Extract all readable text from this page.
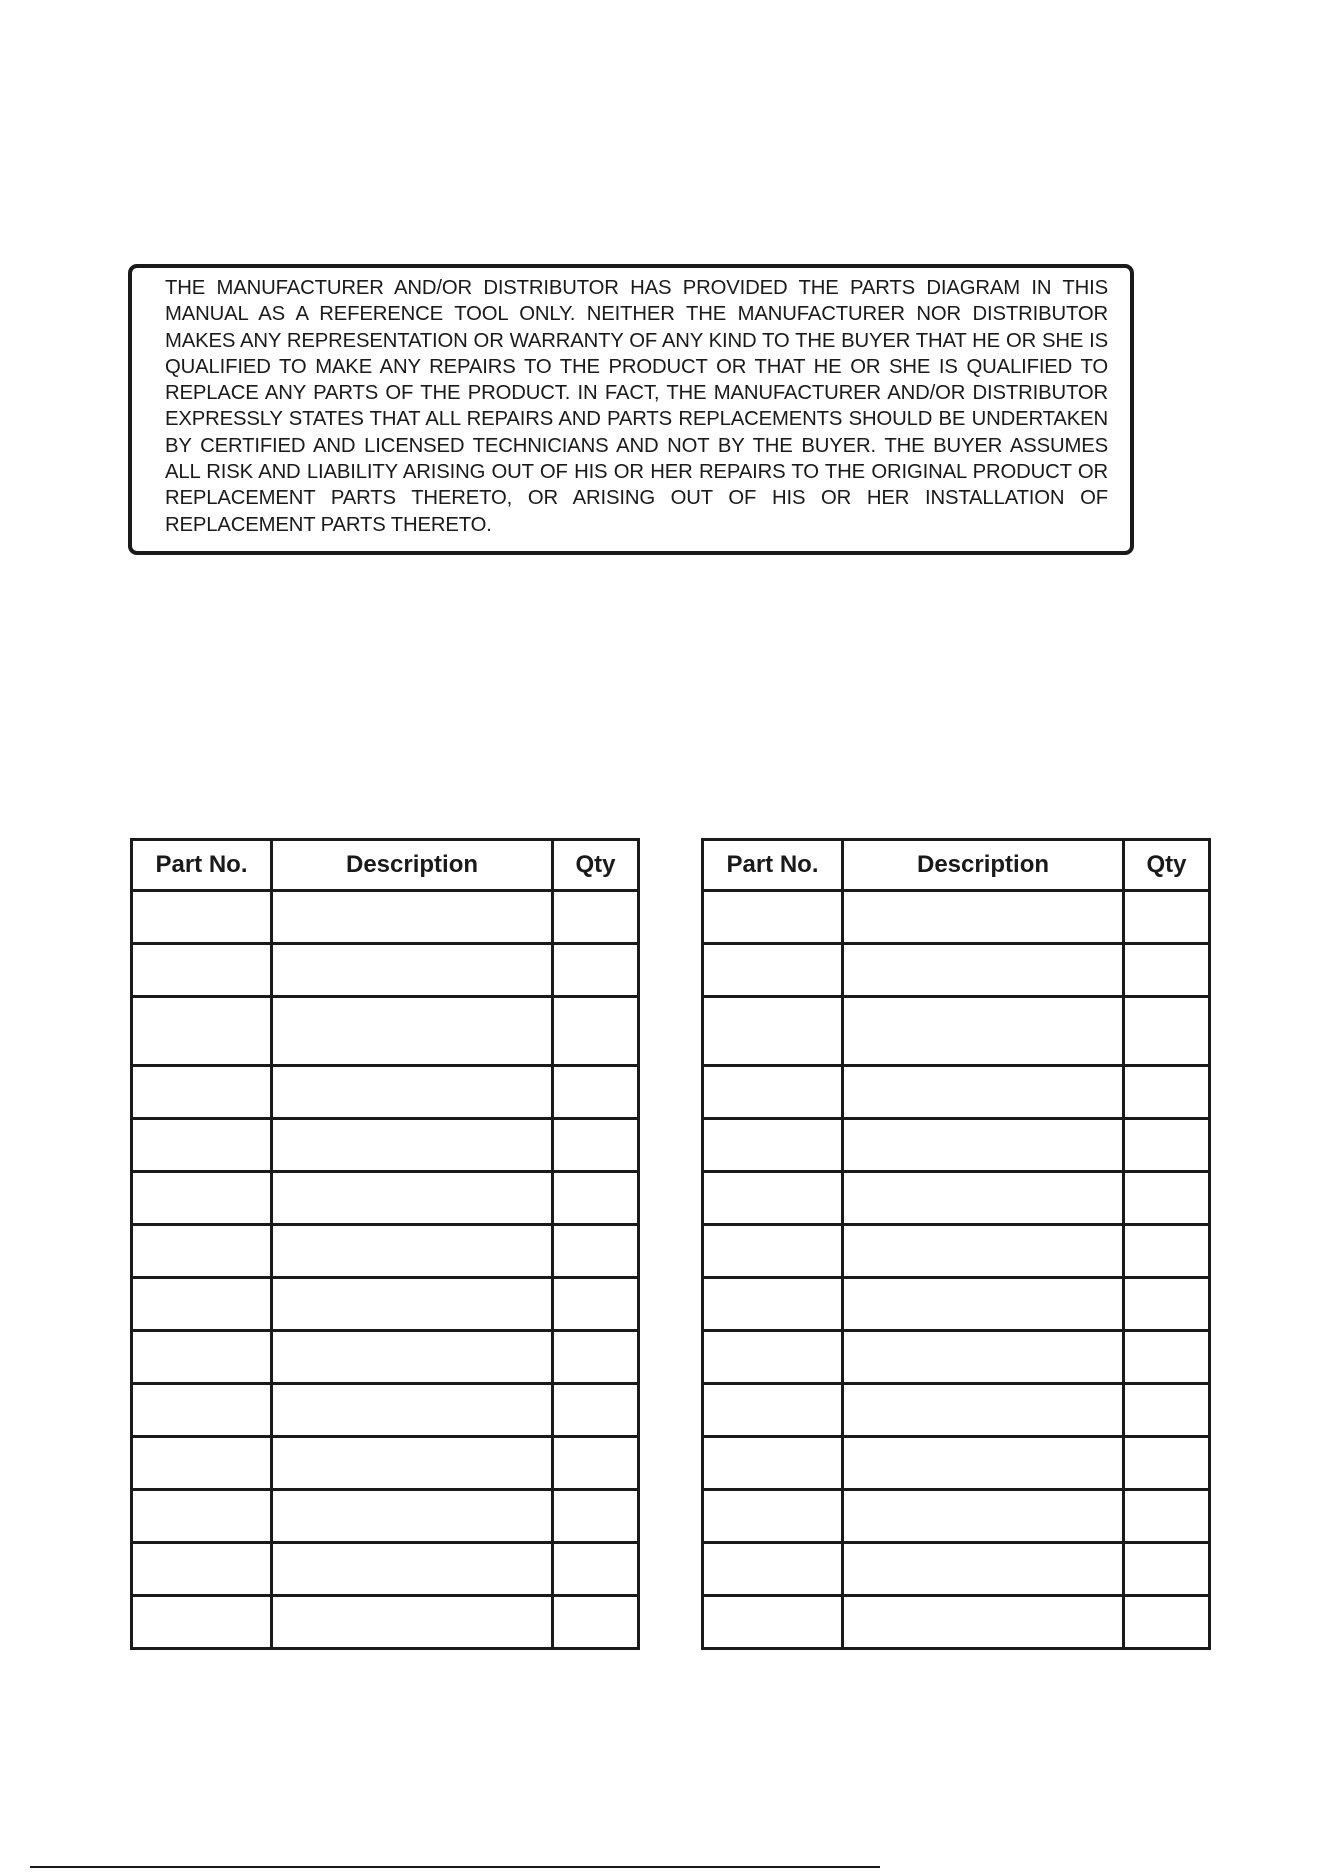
THE MANUFACTURER AND/OR DISTRIBUTOR HAS PROVIDED THE PARTS DIAGRAM IN THIS MANUAL AS A REFERENCE TOOL ONLY. NEITHER THE MANUFACTURER NOR DISTRIBUTOR MAKES ANY REPRESENTATION OR WARRANTY OF ANY KIND TO THE BUYER THAT HE OR SHE IS QUALIFIED TO MAKE ANY REPAIRS TO THE PRODUCT OR THAT HE OR SHE IS QUALIFIED TO REPLACE ANY PARTS OF THE PRODUCT. IN FACT, THE MANUFACTURER AND/OR DISTRIBUTOR EXPRESSLY STATES THAT ALL REPAIRS AND PARTS REPLACEMENTS SHOULD BE UNDERTAKEN BY CERTIFIED AND LICENSED TECHNICIANS AND NOT BY THE BUYER. THE BUYER ASSUMES ALL RISK AND LIABILITY ARISING OUT OF HIS OR HER REPAIRS TO THE ORIGINAL PRODUCT OR REPLACEMENT PARTS THERETO, OR ARISING OUT OF HIS OR HER INSTALLATION OF REPLACEMENT PARTS THERETO.

Part No.	Description	Qty

			Part No.	Description	Qty
